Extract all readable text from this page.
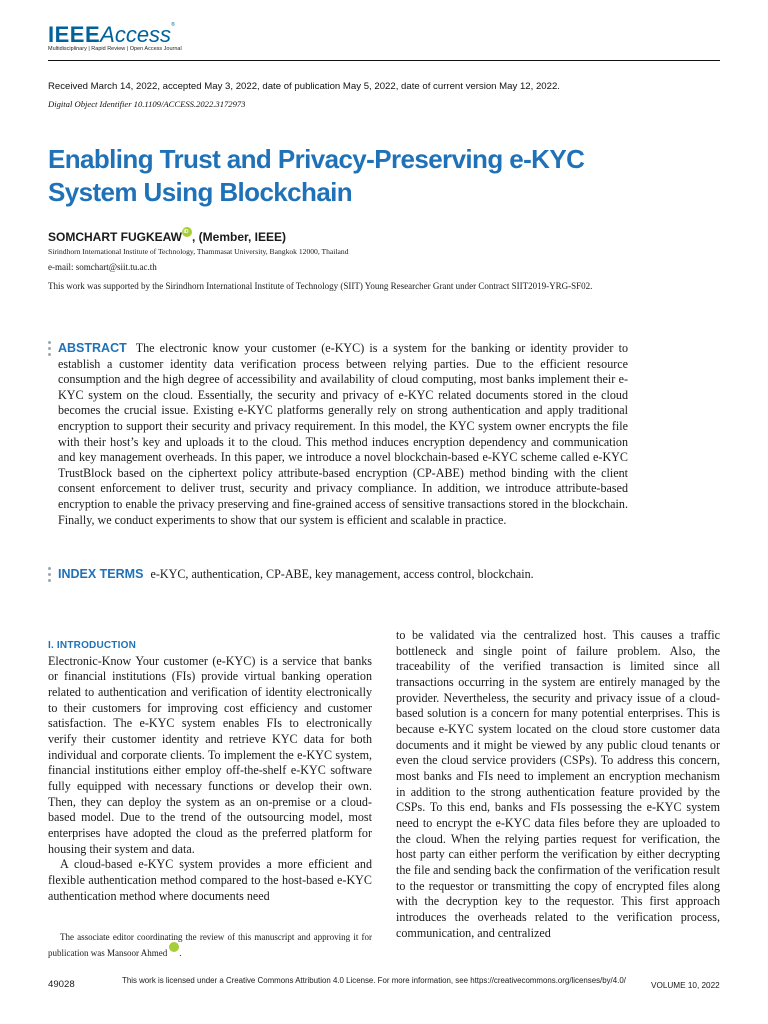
IEEEAccess®
Multidisciplinary | Rapid Review | Open Access Journal
Received March 14, 2022, accepted May 3, 2022, date of publication May 5, 2022, date of current version May 12, 2022.
Digital Object Identifier 10.1109/ACCESS.2022.3172973
Enabling Trust and Privacy-Preserving e-KYC
System Using Blockchain
SOMCHART FUGKEAWiD , (Member, IEEE)
Sirindhorn International Institute of Technology, Thammasat University, Bangkok 12000, Thailand
e-mail: somchart@siit.tu.ac.th
This work was supported by the Sirindhorn International Institute of Technology (SIIT) Young Researcher Grant under Contract SIIT2019-YRG-SF02.
ABSTRACT The electronic know your customer (e-KYC) is a system for the banking or identity provider to establish a customer identity data verification process between relying parties. Due to the efficient resource consumption and the high degree of accessibility and availability of cloud computing, most banks implement their e-KYC system on the cloud. Essentially, the security and privacy of e-KYC related documents stored in the cloud becomes the crucial issue. Existing e-KYC platforms generally rely on strong authentication and apply traditional encryption to support their security and privacy requirement. In this model, the KYC system owner encrypts the file with their host’s key and uploads it to the cloud. This method induces encryption dependency and communication and key management overheads. In this paper, we introduce a novel blockchain-based e-KYC scheme called e-KYC TrustBlock based on the ciphertext policy attribute-based encryption (CP-ABE) method binding with the client consent enforcement to deliver trust, security and privacy compliance. In addition, we introduce attribute-based encryption to enable the privacy preserving and fine-grained access of sensitive transactions stored in the blockchain. Finally, we conduct experiments to show that our system is efficient and scalable in practice.
INDEX TERMS e-KYC, authentication, CP-ABE, key management, access control, blockchain.
I. INTRODUCTION
Electronic-Know Your customer (e-KYC) is a service that banks or financial institutions (FIs) provide virtual banking operation related to authentication and verification of identity electronically to their customers for improving cost efficiency and customer satisfaction. The e-KYC system enables FIs to electronically verify their customer identity and retrieve KYC data for both individual and corporate clients. To implement the e-KYC system, financial institutions either employ off-the-shelf e-KYC software fully equipped with necessary functions or develop their own. Then, they can deploy the system as an on-premise or a cloud-based model. Due to the trend of the outsourcing model, most enterprises have adopted the cloud as the preferred platform for housing their system and data.
A cloud-based e-KYC system provides a more efficient and flexible authentication method compared to the host-based e-KYC authentication method where documents need
to be validated via the centralized host. This causes a traffic bottleneck and single point of failure problem. Also, the traceability of the verified transaction is limited since all transactions occurring in the system are entirely managed by the provider. Nevertheless, the security and privacy issue of a cloud-based solution is a concern for many potential enterprises. This is because e-KYC system located on the cloud store customer data documents and it might be viewed by any public cloud tenants or even the cloud service providers (CSPs). To address this concern, most banks and FIs need to implement an encryption mechanism in addition to the strong authentication feature provided by the CSPs. To this end, banks and FIs possessing the e-KYC system need to encrypt the e-KYC data files before they are uploaded to the cloud. When the relying parties request for verification, the host party can either perform the verification by either decrypting the file and sending back the confirmation of the verification result to the requestor or transmitting the copy of encrypted files along with the decryption key to the requestor. This first approach introduces the overheads related to the verification process, communication, and centralized
The associate editor coordinating the review of this manuscript and approving it for publication was Mansoor AhmediD
49028	This work is licensed under a Creative Commons Attribution 4.0 License. For more information, see https://creativecommons.org/licenses/by/4.0/
VOLUME 10, 2022
